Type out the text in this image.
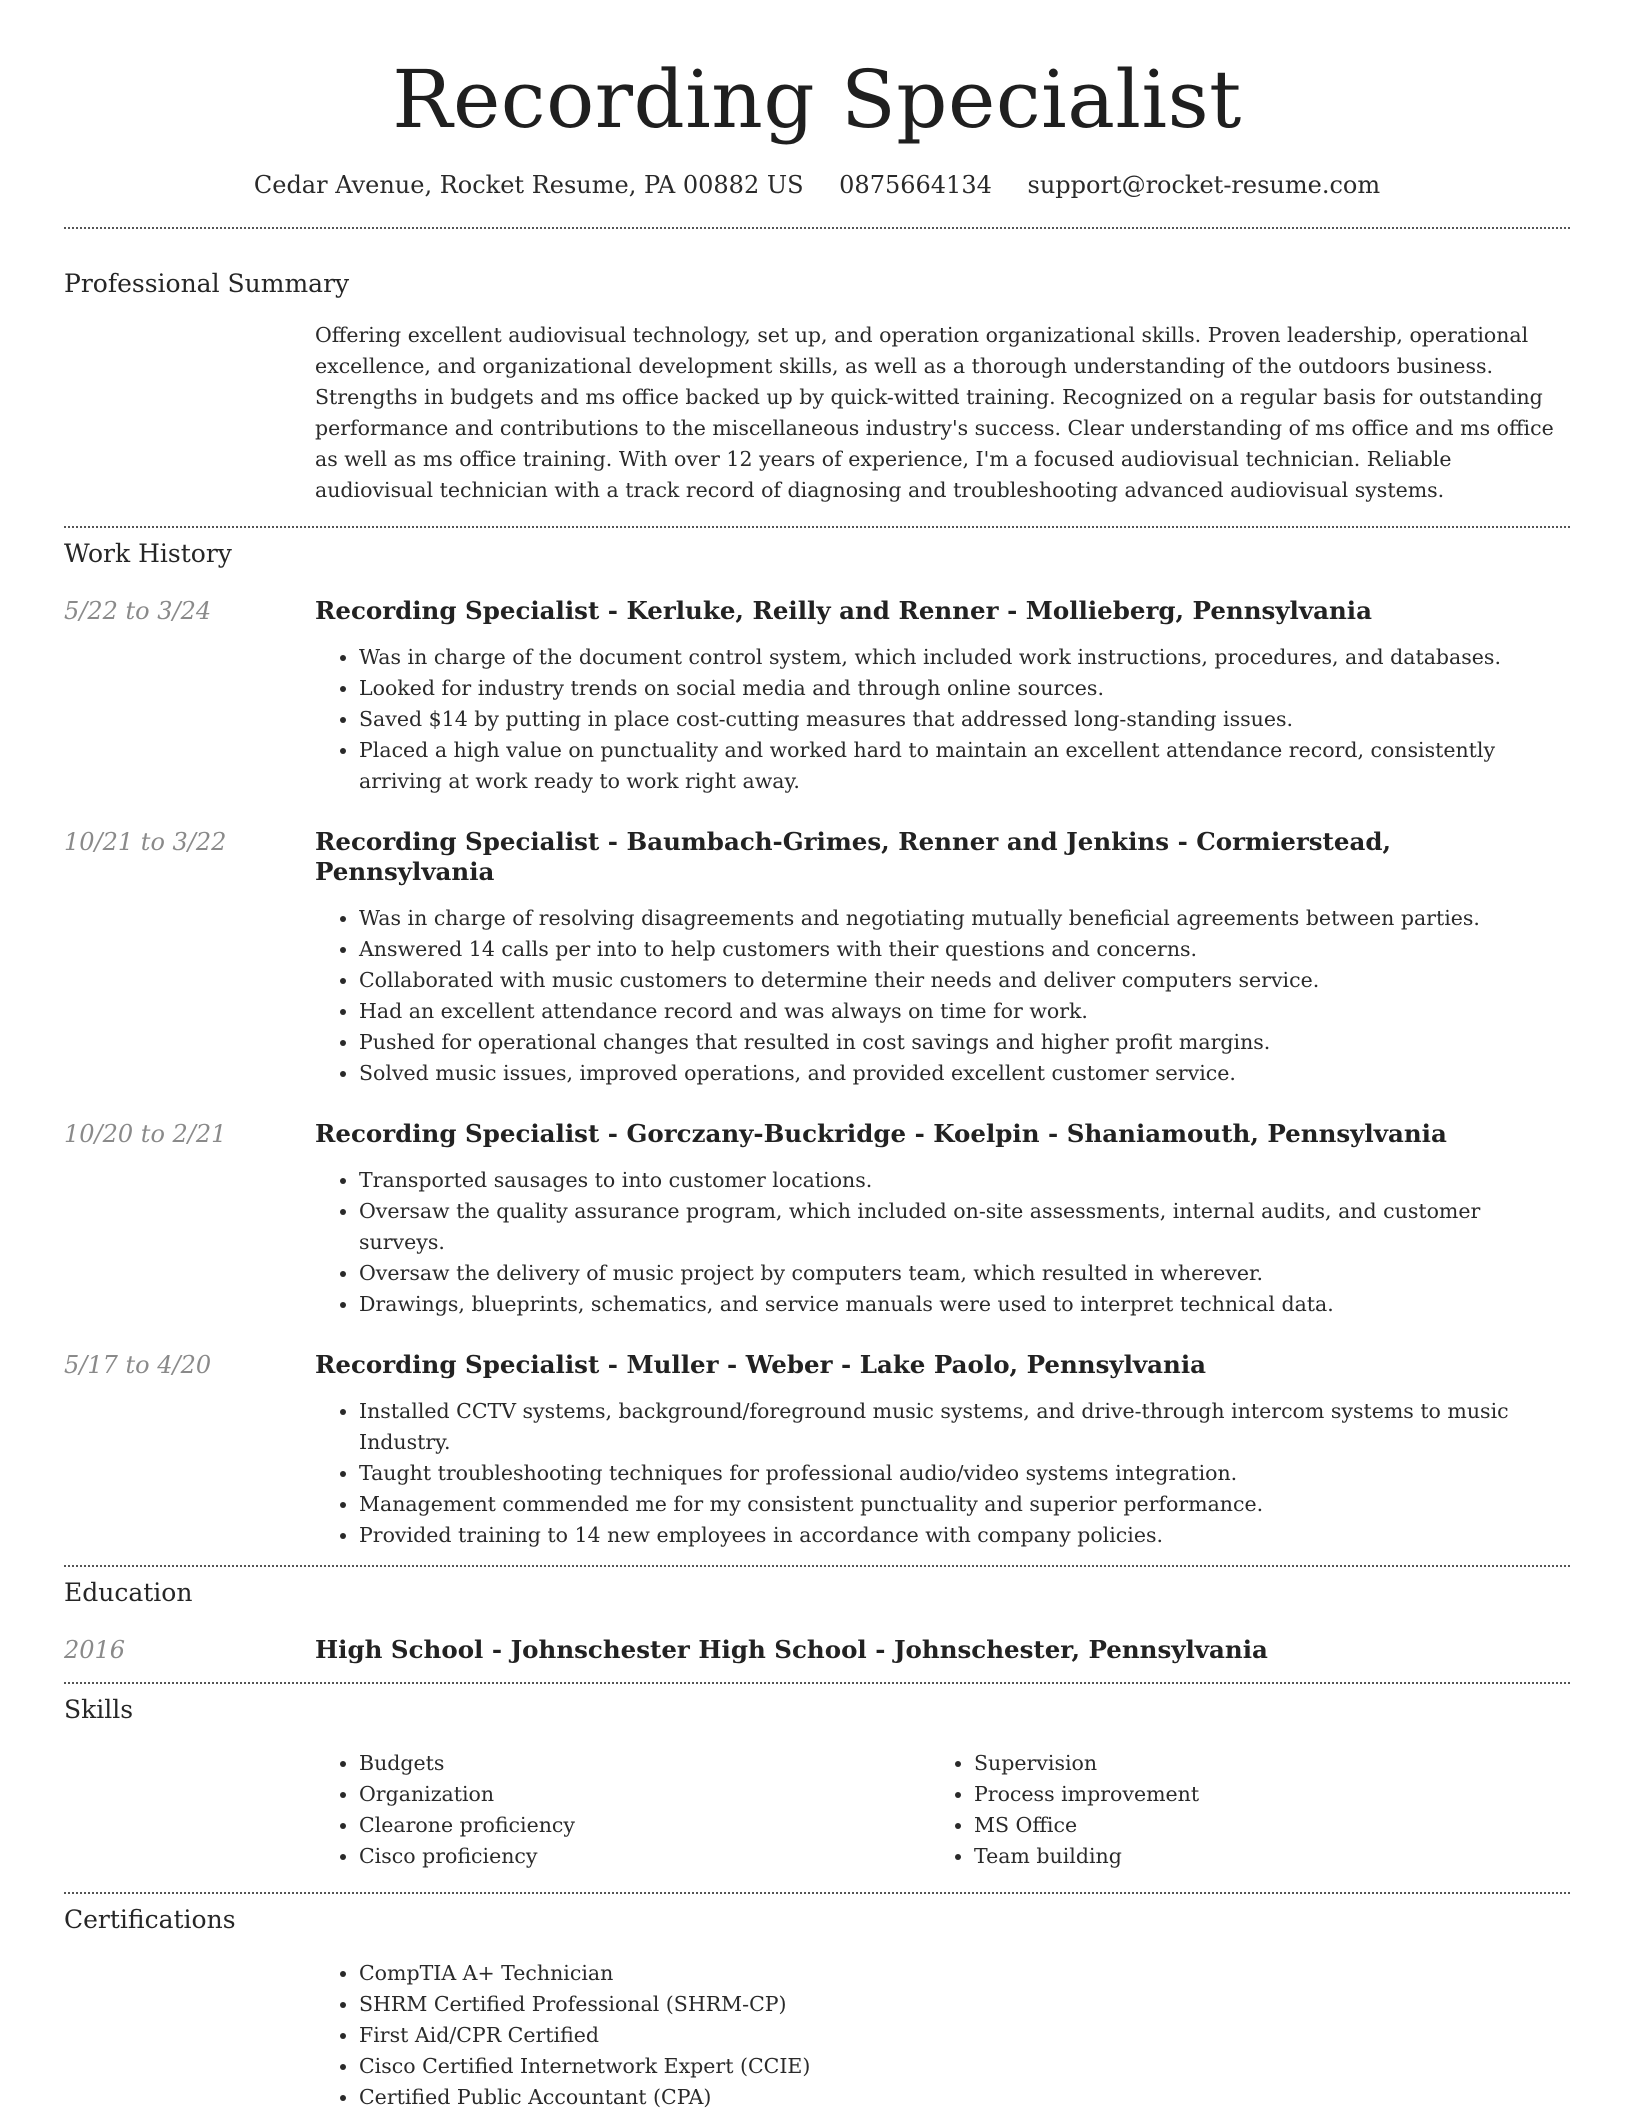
Recording Specialist
Cedar Avenue, Rocket Resume, PA 00882 US 0875664134 support@rocket-resume.com
Professional Summary

Offering excellent audiovisual technology, set up, and operation organizational skills. Proven leadership, operational excellence, and organizational development skills, as well as a thorough understanding of the outdoors business. Strengths in budgets and ms office backed up by quick-witted training. Recognized on a regular basis for outstanding performance and contributions to the miscellaneous industry's success. Clear understanding of ms office and ms office as well as ms office training. With over 12 years of experience, I'm a focused audiovisual technician. Reliable audiovisual technician with a track record of diagnosing and troubleshooting advanced audiovisual systems.

Work History
5/22 to 3/24	Recording Specialist - Kerluke, Reilly and Renner - Mollieberg, Pennsylvania
• Was in charge of the document control system, which included work instructions, procedures, and databases.
• Looked for industry trends on social media and through online sources.
• Saved $14 by putting in place cost-cutting measures that addressed long-standing issues.
• Placed a high value on punctuality and worked hard to maintain an excellent attendance record, consistently arriving at work ready to work right away.
10/21 to 3/22	Recording Specialist - Baumbach-Grimes, Renner and Jenkins - Cormierstead, Pennsylvania
• Was in charge of resolving disagreements and negotiating mutually beneficial agreements between parties.
• Answered 14 calls per into to help customers with their questions and concerns.
• Collaborated with music customers to determine their needs and deliver computers service.
• Had an excellent attendance record and was always on time for work.
• Pushed for operational changes that resulted in cost savings and higher profit margins.
• Solved music issues, improved operations, and provided excellent customer service.
10/20 to 2/21	Recording Specialist - Gorczany-Buckridge - Koelpin - Shaniamouth, Pennsylvania
• Transported sausages to into customer locations.
• Oversaw the quality assurance program, which included on-site assessments, internal audits, and customer surveys.
• Oversaw the delivery of music project by computers team, which resulted in wherever.
• Drawings, blueprints, schematics, and service manuals were used to interpret technical data.
5/17 to 4/20	Recording Specialist - Muller - Weber - Lake Paolo, Pennsylvania
• Installed CCTV systems, background/foreground music systems, and drive-through intercom systems to music Industry.
• Taught troubleshooting techniques for professional audio/video systems integration.
• Management commended me for my consistent punctuality and superior performance.
• Provided training to 14 new employees in accordance with company policies.
Education
2016	High School - Johnschester High School - Johnschester, Pennsylvania
Skills
• Budgets
• Organization
• Clearone proficiency
• Cisco proficiency
• Supervision
• Process improvement
• MS Office
• Team building
Certifications
• CompTIA A+ Technician
• SHRM Certified Professional (SHRM-CP)
• First Aid/CPR Certified
• Cisco Certified Internetwork Expert (CCIE)
• Certified Public Accountant (CPA)
